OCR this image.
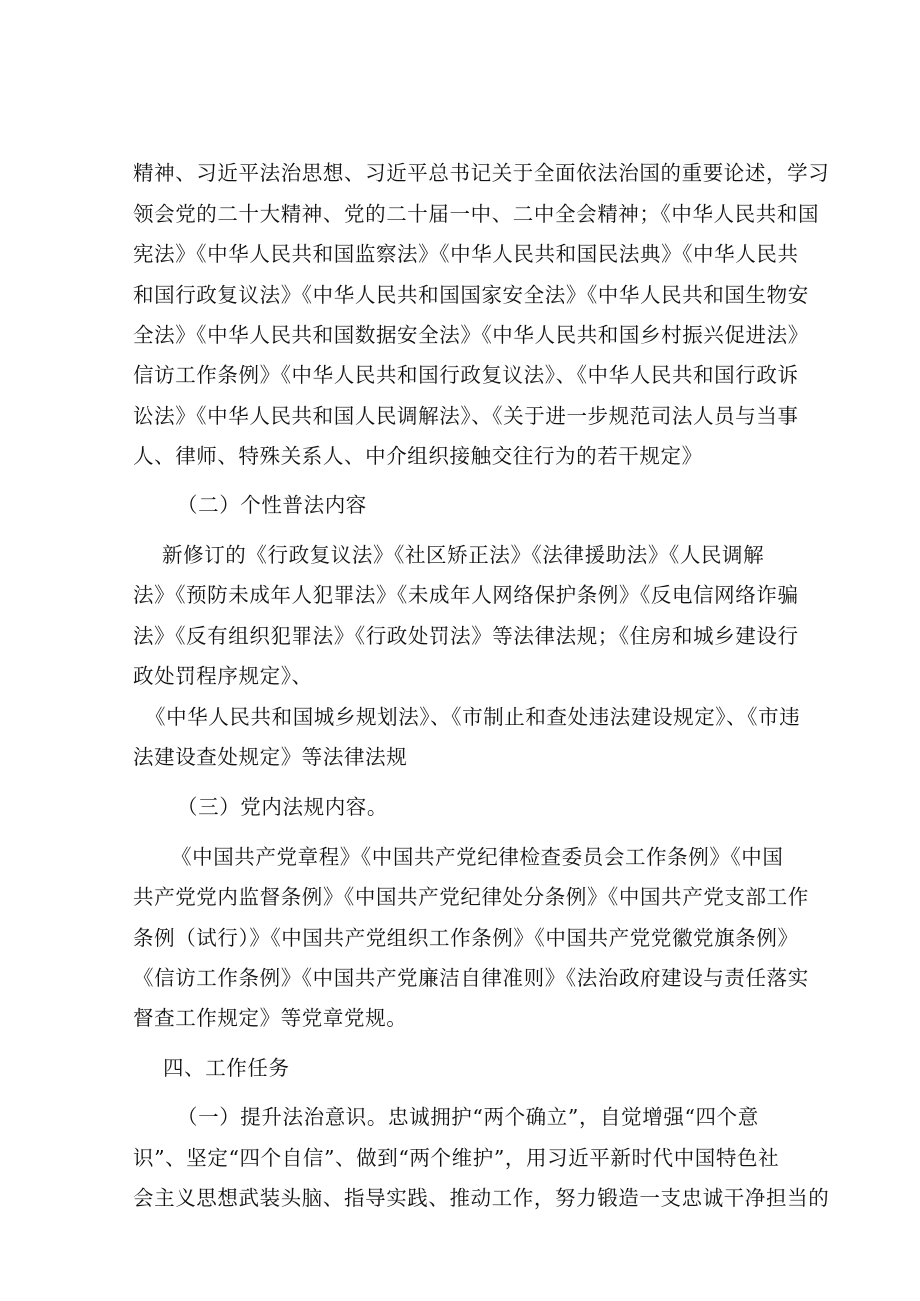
精神、习近平法治思想、习近平总书记关于全面依法治国的重要论述，学习
领会党的二十大精神、党的二十届一中、二中全会精神；《中华人民共和国
宪法》《中华人民共和国监察法》《中华人民共和国民法典》《中华人民共
和国行政复议法》《中华人民共和国国家安全法》《中华人民共和国生物安
全法》《中华人民共和国数据安全法》《中华人民共和国乡村振兴促进法》
信访工作条例》《中华人民共和国行政复议法》、《中华人民共和国行政诉
讼法》《中华人民共和国人民调解法》、《关于进一步规范司法人员与当事
人、律师、特殊关系人、中介组织接触交往行为的若干规定》
（二）个性普法内容
新修订的《行政复议法》《社区矫正法》《法律援助法》《人民调解
法》《预防未成年人犯罪法》《未成年人网络保护条例》《反电信网络诈骗
法》《反有组织犯罪法》《行政处罚法》等法律法规；《住房和城乡建设行
政处罚程序规定》、
《中华人民共和国城乡规划法》、《市制止和查处违法建设规定》、《市违
法建设查处规定》等法律法规
（三）党内法规内容。
《中国共产党章程》《中国共产党纪律检查委员会工作条例》《中国
共产党党内监督条例》《中国共产党纪律处分条例》《中国共产党支部工作
条例（试行）》《中国共产党组织工作条例》《中国共产党党徽党旗条例》
《信访工作条例》《中国共产党廉洁自律准则》《法治政府建设与责任落实
督查工作规定》等党章党规。
四、工作任务
（一）提升法治意识。忠诚拥护“两个确立”，自觉增强“四个意
识”、坚定“四个自信”、做到“两个维护”，用习近平新时代中国特色社
会主义思想武装头脑、指导实践、推动工作，努力锻造一支忠诚干净担当的
